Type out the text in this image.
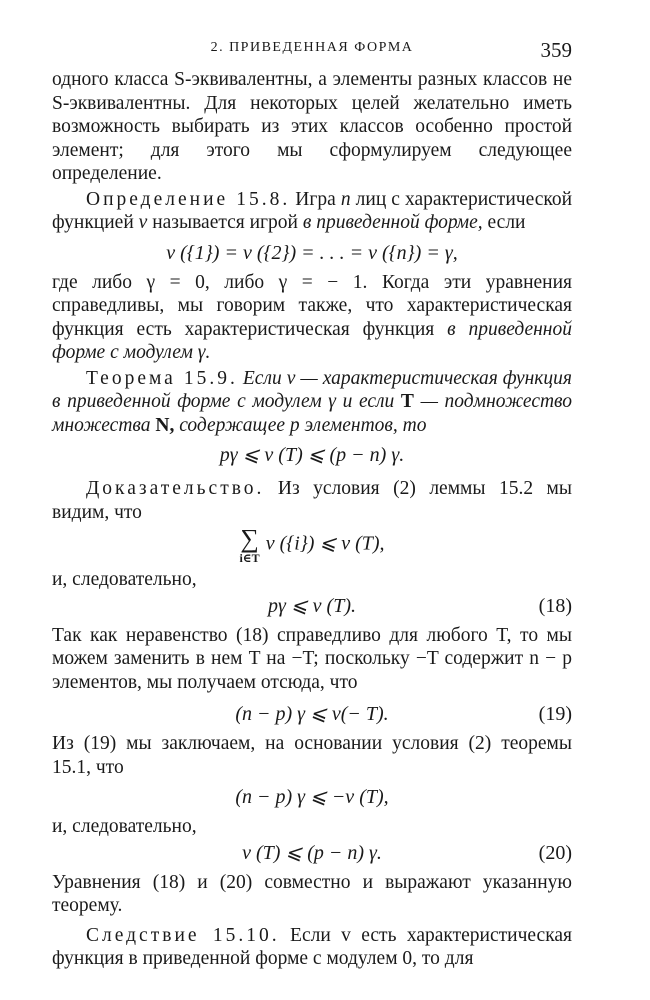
2. ПРИВЕДЕННАЯ ФОРМА	359

одного класса S-эквивалентны, а элементы разных классов не S-эквивалентны. Для некоторых целей желательно иметь возможность выбирать из этих классов особенно простой элемент; для этого мы сформулируем следующее определение.

Определение 15.8. Игра n лиц с характеристической функцией v называется игрой в приведенной форме, если

v ({1}) = v ({2}) = . . . = v ({n}) = γ,

где либо γ = 0, либо γ = − 1. Когда эти уравнения справедливы, мы говорим также, что характеристическая функция есть характеристическая функция в приведенной форме с модулем γ.

Теорема 15.9. Если v — характеристическая функция в приведенной форме с модулем γ и если T — подмножество множества N, содержащее p элементов, то

pγ ⩽ v (T) ⩽ (p − n) γ.

Доказательство. Из условия (2) леммы 15.2 мы видим, что

∑
i∈T
v ({i}) ⩽ v (T),

и, следовательно,

pγ ⩽ v (T).	(18)

Так как неравенство (18) справедливо для любого T, то мы можем заменить в нем T на −T; поскольку −T содержит n − p элементов, мы получаем отсюда, что

(n − p) γ ⩽ v(− T).	(19)

Из (19) мы заключаем, на основании условия (2) теоремы 15.1, что

(n − p) γ ⩽ −v (T),

и, следовательно,

v (T) ⩽ (p − n) γ.	(20)

Уравнения (18) и (20) совместно и выражают указанную теорему.

Следствие 15.10. Если v есть характеристическая функция в приведенной форме с модулем 0, то для
